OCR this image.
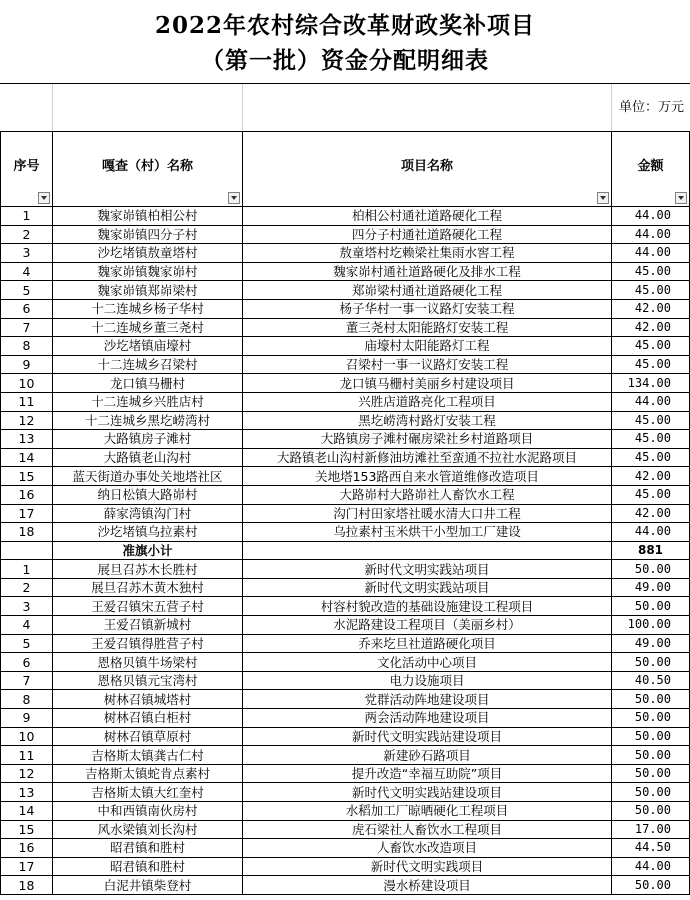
2022年农村综合改革财政奖补项目
（第一批）资金分配明细表
单位：万元
序号	嘎查（村）名称	项目名称	金额

1	魏家峁镇柏相公村	柏相公村通社道路硬化工程	44.00
2	魏家峁镇四分子村	四分子村通社道路硬化工程	44.00
3	沙圪堵镇敖童塔村	敖童塔村圪赖梁社集雨水窖工程	44.00
4	魏家峁镇魏家峁村	魏家峁村通社道路硬化及排水工程	45.00
5	魏家峁镇郑峁梁村	郑峁梁村通社道路硬化工程	45.00
6	十二连城乡杨子华村	杨子华村一事一议路灯安装工程	42.00
7	十二连城乡董三尧村	董三尧村太阳能路灯安装工程	42.00
8	沙圪堵镇庙壕村	庙壕村太阳能路灯工程	45.00
9	十二连城乡召梁村	召梁村一事一议路灯安装工程	45.00
10	龙口镇马栅村	龙口镇马栅村美丽乡村建设项目	134.00
11	十二连城乡兴胜店村	兴胜店道路亮化工程项目	44.00
12	十二连城乡黑圪崂湾村	黑圪崂湾村路灯安装工程	45.00
13	大路镇房子滩村	大路镇房子滩村碾房梁社乡村道路项目	45.00
14	大路镇老山沟村	大路镇老山沟村新修油坊滩社至蛮通不拉社水泥路项目	45.00
15	蓝天街道办事处关地塔社区	关地塔153路西自来水管道维修改造项目	42.00
16	纳日松镇大路峁村	大路峁村大路峁社人畜饮水工程	45.00
17	薛家湾镇沟门村	沟门村田家塔社暖水清大口井工程	42.00
18	沙圪堵镇乌拉素村	乌拉素村玉米烘干小型加工厂建设	44.00
	准旗小计		881
1	展旦召苏木长胜村	新时代文明实践站项目	50.00
2	展旦召苏木黄木独村	新时代文明实践站项目	49.00
3	王爱召镇宋五营子村	村容村貌改造的基础设施建设工程项目	50.00
4	王爱召镇新城村	水泥路建设工程项目（美丽乡村）	100.00
5	王爱召镇得胜营子村	乔来圪旦社道路硬化项目	49.00
6	恩格贝镇牛场梁村	文化活动中心项目	50.00
7	恩格贝镇元宝湾村	电力设施项目	40.50
8	树林召镇城塔村	党群活动阵地建设项目	50.00
9	树林召镇白柜村	两会活动阵地建设项目	50.00
10	树林召镇草原村	新时代文明实践站建设项目	50.00
11	吉格斯太镇龚古仁村	新建砂石路项目	50.00
12	吉格斯太镇蛇肯点素村	提升改造“幸福互助院”项目	50.00
13	吉格斯太镇大红奎村	新时代文明实践站建设项目	50.00
14	中和西镇南伙房村	水稻加工厂晾晒硬化工程项目	50.00
15	风水梁镇刘长沟村	虎石梁社人畜饮水工程项目	17.00
16	昭君镇和胜村	人畜饮水改造项目	44.50
17	昭君镇和胜村	新时代文明实践项目	44.00
18	白泥井镇柴登村	漫水桥建设项目	50.00
